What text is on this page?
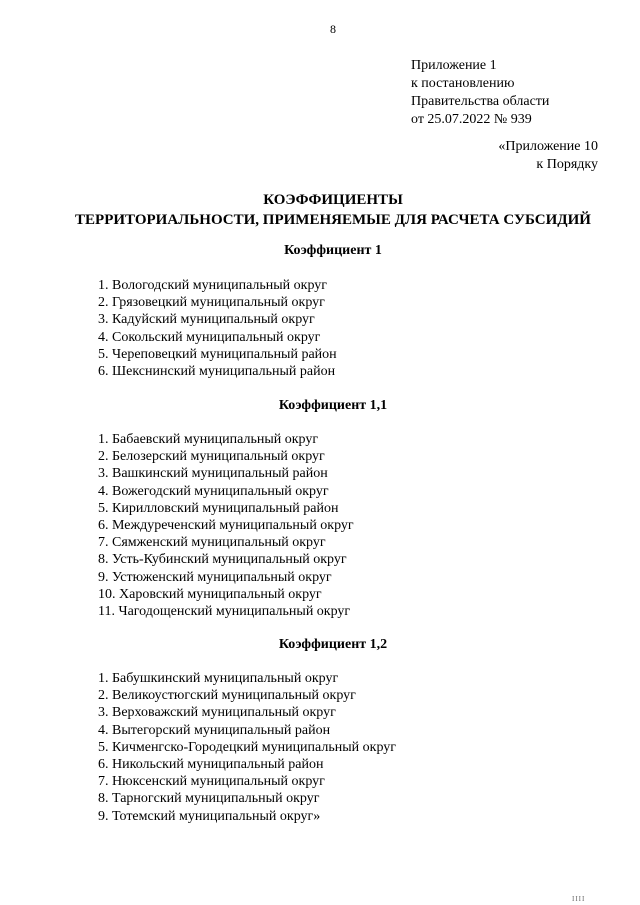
8
Приложение 1
к постановлению
Правительства области
от 25.07.2022 № 939
«Приложение 10
к Порядку
КОЭФФИЦИЕНТЫ
ТЕРРИТОРИАЛЬНОСТИ, ПРИМЕНЯЕМЫЕ ДЛЯ РАСЧЕТА СУБСИДИЙ
Коэффициент 1
1. Вологодский муниципальный округ
2. Грязовецкий муниципальный округ
3. Кадуйский муниципальный округ
4. Сокольский муниципальный округ
5. Череповецкий муниципальный район
6. Шекснинский муниципальный район
Коэффициент 1,1
1. Бабаевский муниципальный округ
2. Белозерский муниципальный округ
3. Вашкинский муниципальный район
4. Вожегодский муниципальный округ
5. Кирилловский муниципальный район
6. Междуреченский муниципальный округ
7. Сямженский муниципальный округ
8. Усть-Кубинский муниципальный округ
9. Устюженский муниципальный округ
10. Харовский муниципальный округ
11. Чагодощенский муниципальный округ
Коэффициент 1,2
1. Бабушкинский муниципальный округ
2. Великоустюгский муниципальный округ
3. Верховажский муниципальный округ
4. Вытегорский муниципальный район
5. Кичменгско-Городецкий муниципальный округ
6. Никольский муниципальный район
7. Нюксенский муниципальный округ
8. Тарногский муниципальный округ
9. Тотемский муниципальный округ»
IIII
